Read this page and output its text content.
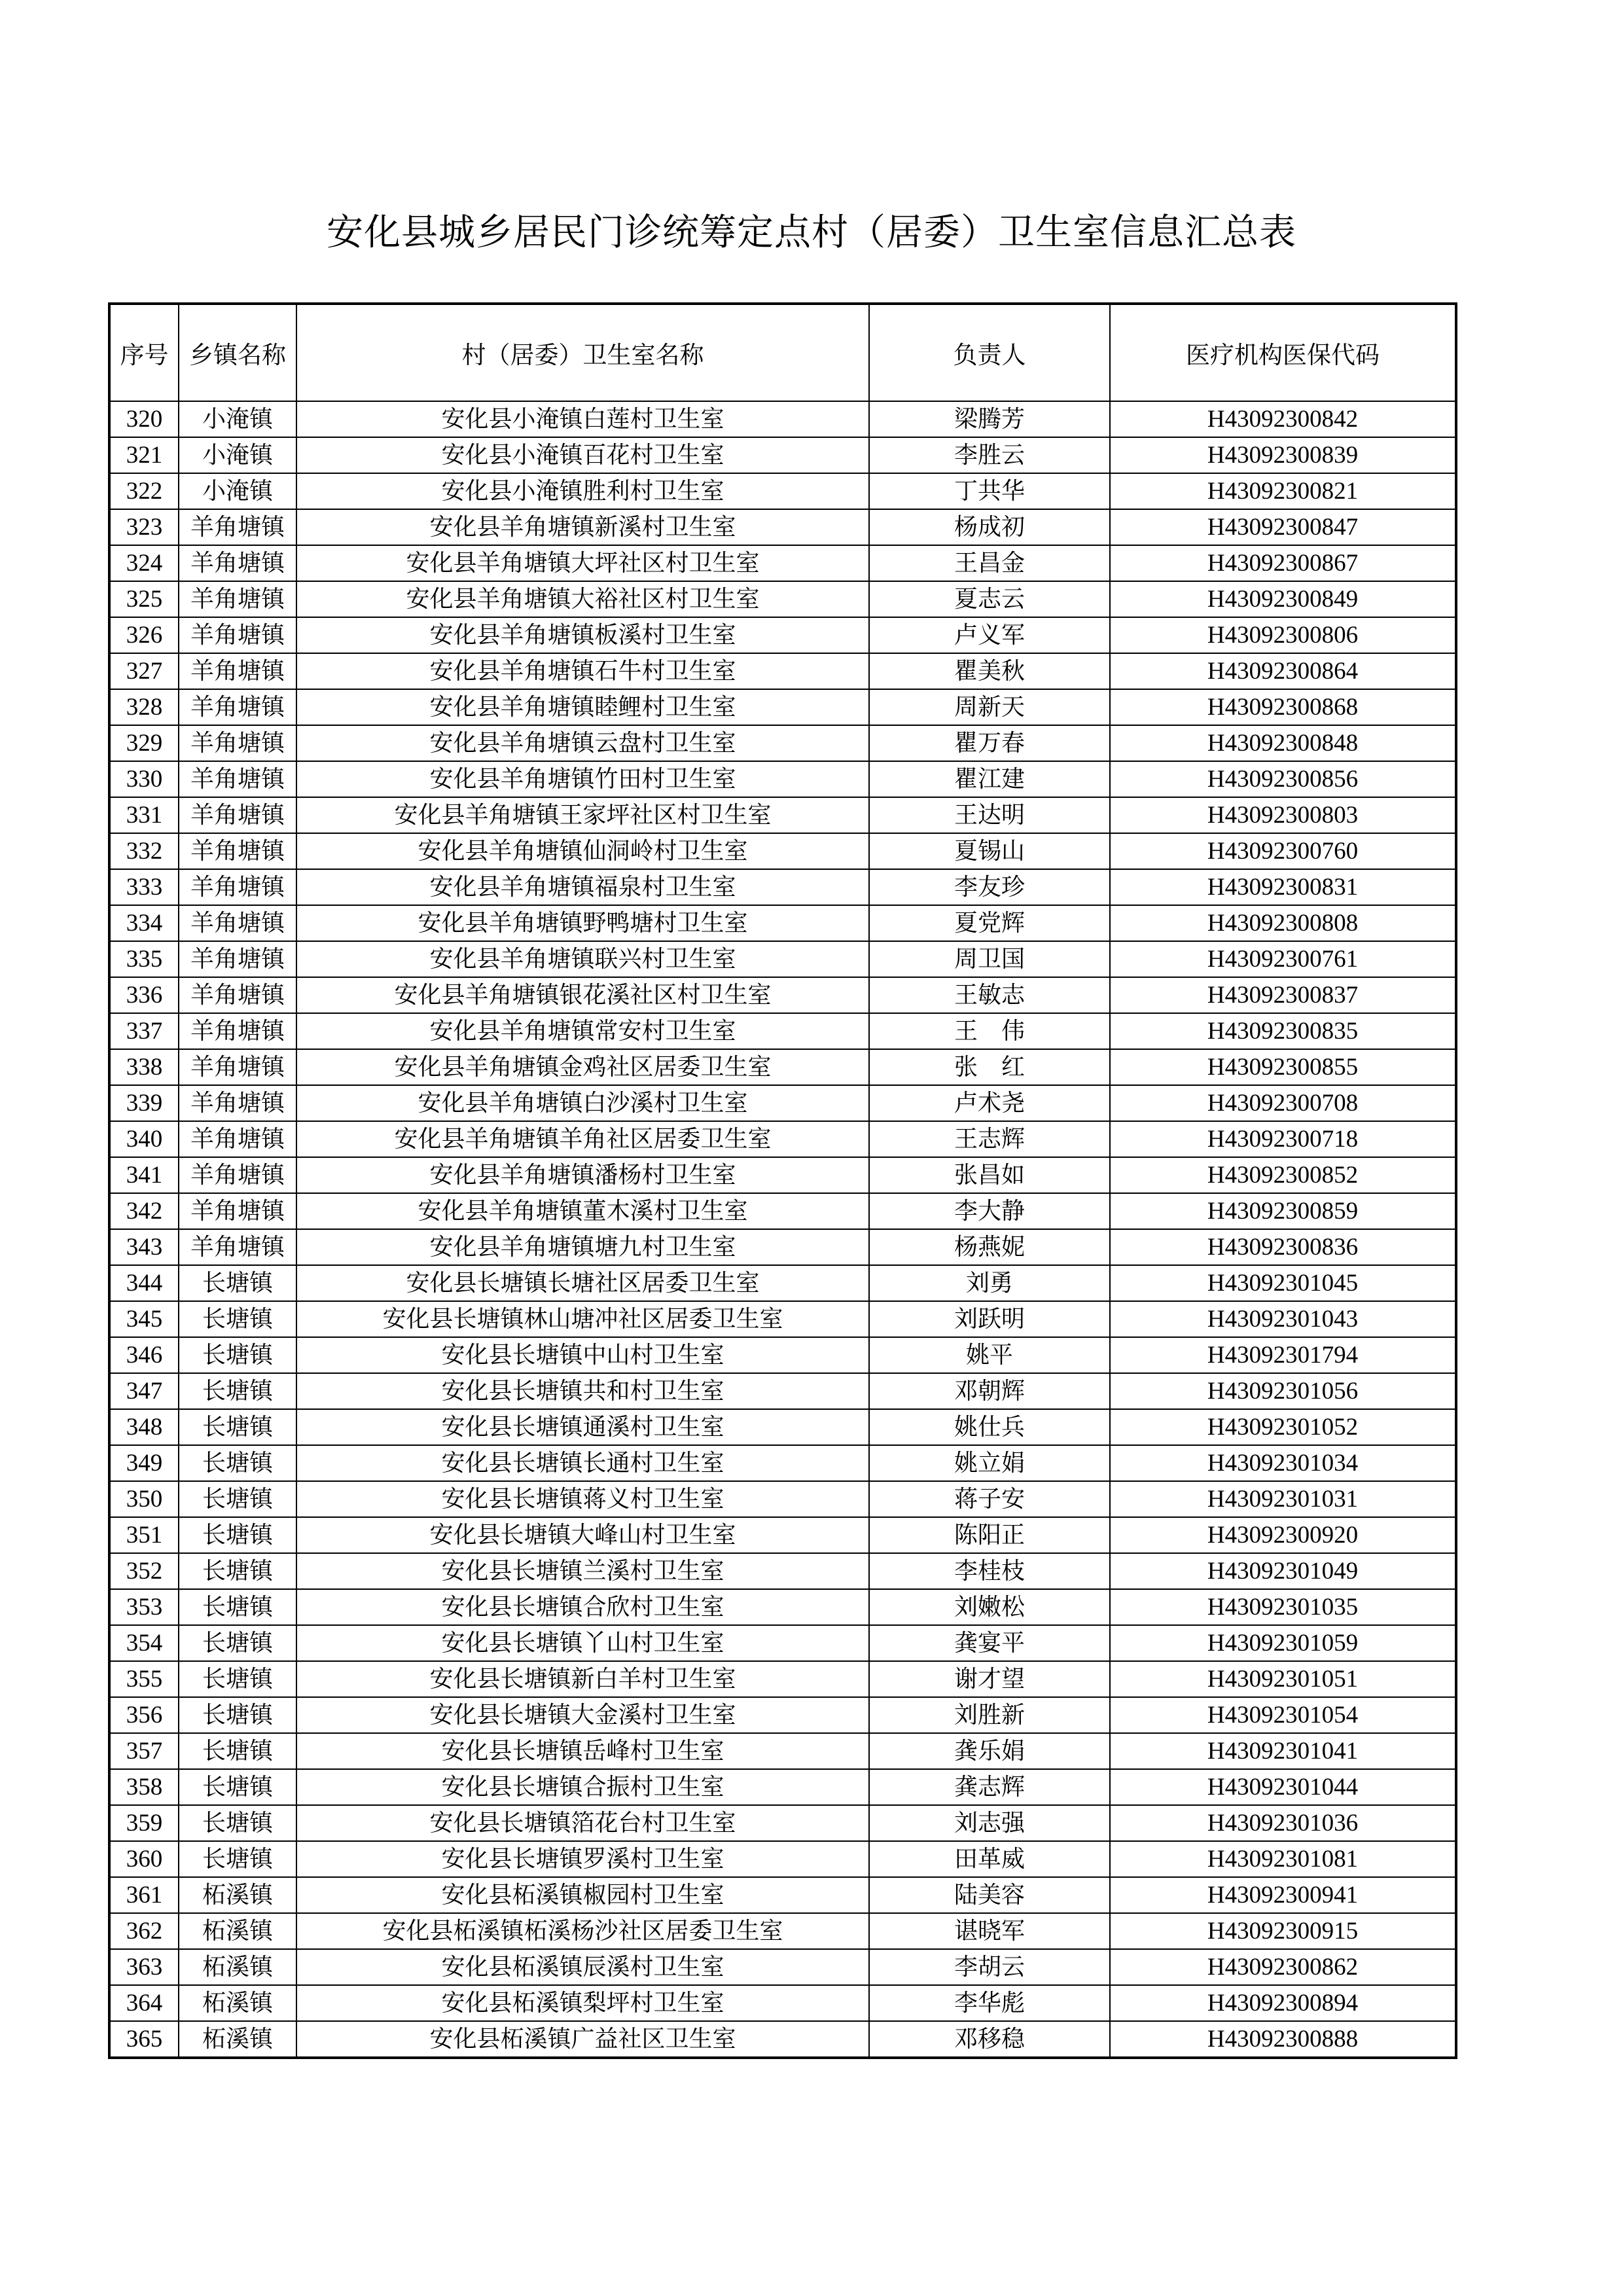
安化县城乡居民门诊统筹定点村（居委）卫生室信息汇总表
序号	乡镇名称	村（居委）卫生室名称	负责人	医疗机构医保代码
320	小淹镇	安化县小淹镇白莲村卫生室	梁腾芳	H43092300842
321	小淹镇	安化县小淹镇百花村卫生室	李胜云	H43092300839
322	小淹镇	安化县小淹镇胜利村卫生室	丁共华	H43092300821
323	羊角塘镇	安化县羊角塘镇新溪村卫生室	杨成初	H43092300847
324	羊角塘镇	安化县羊角塘镇大坪社区村卫生室	王昌金	H43092300867
325	羊角塘镇	安化县羊角塘镇大裕社区村卫生室	夏志云	H43092300849
326	羊角塘镇	安化县羊角塘镇板溪村卫生室	卢义军	H43092300806
327	羊角塘镇	安化县羊角塘镇石牛村卫生室	瞿美秋	H43092300864
328	羊角塘镇	安化县羊角塘镇睦鲤村卫生室	周新天	H43092300868
329	羊角塘镇	安化县羊角塘镇云盘村卫生室	瞿万春	H43092300848
330	羊角塘镇	安化县羊角塘镇竹田村卫生室	瞿江建	H43092300856
331	羊角塘镇	安化县羊角塘镇王家坪社区村卫生室	王达明	H43092300803
332	羊角塘镇	安化县羊角塘镇仙洞岭村卫生室	夏锡山	H43092300760
333	羊角塘镇	安化县羊角塘镇福泉村卫生室	李友珍	H43092300831
334	羊角塘镇	安化县羊角塘镇野鸭塘村卫生室	夏党辉	H43092300808
335	羊角塘镇	安化县羊角塘镇联兴村卫生室	周卫国	H43092300761
336	羊角塘镇	安化县羊角塘镇银花溪社区村卫生室	王敏志	H43092300837
337	羊角塘镇	安化县羊角塘镇常安村卫生室	王　伟	H43092300835
338	羊角塘镇	安化县羊角塘镇金鸡社区居委卫生室	张　红	H43092300855
339	羊角塘镇	安化县羊角塘镇白沙溪村卫生室	卢术尧	H43092300708
340	羊角塘镇	安化县羊角塘镇羊角社区居委卫生室	王志辉	H43092300718
341	羊角塘镇	安化县羊角塘镇潘杨村卫生室	张昌如	H43092300852
342	羊角塘镇	安化县羊角塘镇董木溪村卫生室	李大静	H43092300859
343	羊角塘镇	安化县羊角塘镇塘九村卫生室	杨燕妮	H43092300836
344	长塘镇	安化县长塘镇长塘社区居委卫生室	刘勇	H43092301045
345	长塘镇	安化县长塘镇林山塘冲社区居委卫生室	刘跃明	H43092301043
346	长塘镇	安化县长塘镇中山村卫生室	姚平	H43092301794
347	长塘镇	安化县长塘镇共和村卫生室	邓朝辉	H43092301056
348	长塘镇	安化县长塘镇通溪村卫生室	姚仕兵	H43092301052
349	长塘镇	安化县长塘镇长通村卫生室	姚立娟	H43092301034
350	长塘镇	安化县长塘镇蒋义村卫生室	蒋子安	H43092301031
351	长塘镇	安化县长塘镇大峰山村卫生室	陈阳正	H43092300920
352	长塘镇	安化县长塘镇兰溪村卫生室	李桂枝	H43092301049
353	长塘镇	安化县长塘镇合欣村卫生室	刘嫩松	H43092301035
354	长塘镇	安化县长塘镇丫山村卫生室	龚宴平	H43092301059
355	长塘镇	安化县长塘镇新白羊村卫生室	谢才望	H43092301051
356	长塘镇	安化县长塘镇大金溪村卫生室	刘胜新	H43092301054
357	长塘镇	安化县长塘镇岳峰村卫生室	龚乐娟	H43092301041
358	长塘镇	安化县长塘镇合振村卫生室	龚志辉	H43092301044
359	长塘镇	安化县长塘镇箔花台村卫生室	刘志强	H43092301036
360	长塘镇	安化县长塘镇罗溪村卫生室	田革威	H43092301081
361	柘溪镇	安化县柘溪镇椒园村卫生室	陆美容	H43092300941
362	柘溪镇	安化县柘溪镇柘溪杨沙社区居委卫生室	谌晓军	H43092300915
363	柘溪镇	安化县柘溪镇辰溪村卫生室	李胡云	H43092300862
364	柘溪镇	安化县柘溪镇梨坪村卫生室	李华彪	H43092300894
365	柘溪镇	安化县柘溪镇广益社区卫生室	邓移稳	H43092300888
